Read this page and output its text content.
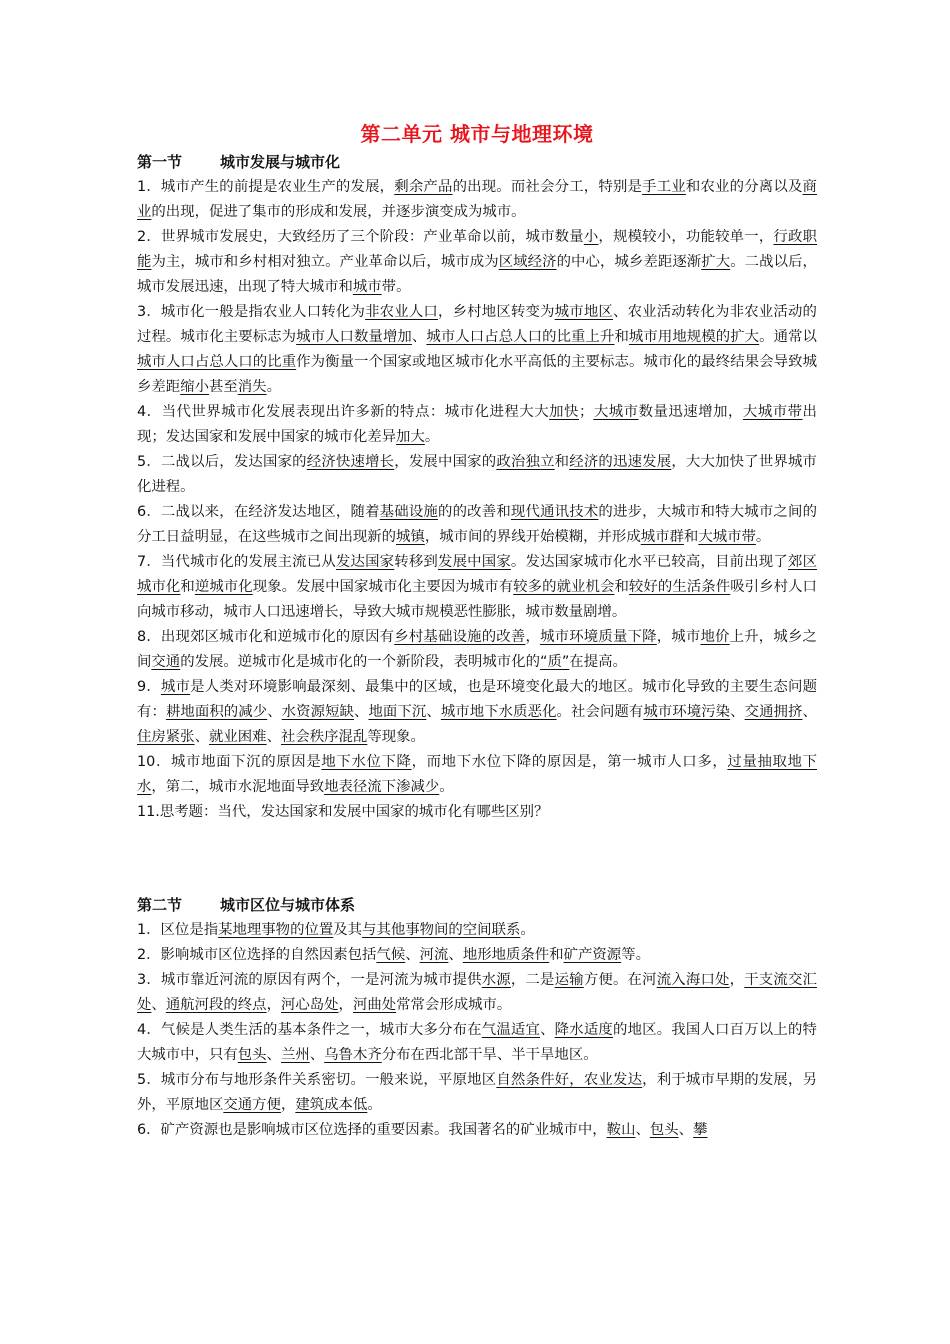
第二单元 城市与地理环境

第一节	城市发展与城市化

1．城市产生的前提是农业生产的发展，剩余产品的出现。而社会分工，特别是手工业和农业的分离以及商业的出现，促进了集市的形成和发展，并逐步演变成为城市。

2．世界城市发展史，大致经历了三个阶段：产业革命以前，城市数量小，规模较小，功能较单一，行政职能为主，城市和乡村相对独立。产业革命以后，城市成为区域经济的中心，城乡差距逐渐扩大。二战以后，城市发展迅速，出现了特大城市和城市带。

3．城市化一般是指农业人口转化为非农业人口，乡村地区转变为城市地区、农业活动转化为非农业活动的过程。城市化主要标志为城市人口数量增加、城市人口占总人口的比重上升和城市用地规模的扩大。通常以城市人口占总人口的比重作为衡量一个国家或地区城市化水平高低的主要标志。城市化的最终结果会导致城乡差距缩小甚至消失。

4．当代世界城市化发展表现出许多新的特点：城市化进程大大加快；大城市数量迅速增加，大城市带出现；发达国家和发展中国家的城市化差异加大。

5．二战以后，发达国家的经济快速增长，发展中国家的政治独立和经济的迅速发展，大大加快了世界城市化进程。

6．二战以来，在经济发达地区，随着基础设施的的改善和现代通讯技术的进步，大城市和特大城市之间的分工日益明显，在这些城市之间出现新的城镇，城市间的界线开始模糊，并形成城市群和大城市带。

7．当代城市化的发展主流已从发达国家转移到发展中国家。发达国家城市化水平已较高，目前出现了郊区城市化和逆城市化现象。发展中国家城市化主要因为城市有较多的就业机会和较好的生活条件吸引乡村人口向城市移动，城市人口迅速增长，导致大城市规模恶性膨胀，城市数量剧增。

8．出现郊区城市化和逆城市化的原因有乡村基础设施的改善，城市环境质量下降，城市地价上升，城乡之间交通的发展。逆城市化是城市化的一个新阶段，表明城市化的“质”在提高。

9．城市是人类对环境影响最深刻、最集中的区域，也是环境变化最大的地区。城市化导致的主要生态问题有：耕地面积的减少、水资源短缺、地面下沉、城市地下水质恶化。社会问题有城市环境污染、交通拥挤、住房紧张、就业困难、社会秩序混乱等现象。

10．城市地面下沉的原因是地下水位下降，而地下水位下降的原因是，第一城市人口多，过量抽取地下水，第二，城市水泥地面导致地表径流下渗减少。

11.思考题：当代，发达国家和发展中国家的城市化有哪些区别？

第二节	城市区位与城市体系

1．区位是指某地理事物的位置及其与其他事物间的空间联系。

2．影响城市区位选择的自然因素包括气候、河流、地形地质条件和矿产资源等。

3．城市靠近河流的原因有两个，一是河流为城市提供水源，二是运输方便。在河流入海口处，干支流交汇处、通航河段的终点，河心岛处，河曲处常常会形成城市。

4．气候是人类生活的基本条件之一，城市大多分布在气温适宜、降水适度的地区。我国人口百万以上的特大城市中，只有包头、兰州、乌鲁木齐分布在西北部干旱、半干旱地区。

5．城市分布与地形条件关系密切。一般来说，平原地区自然条件好，农业发达，利于城市早期的发展，另外，平原地区交通方便，建筑成本低。

6．矿产资源也是影响城市区位选择的重要因素。我国著名的矿业城市中，鞍山、包头、攀
